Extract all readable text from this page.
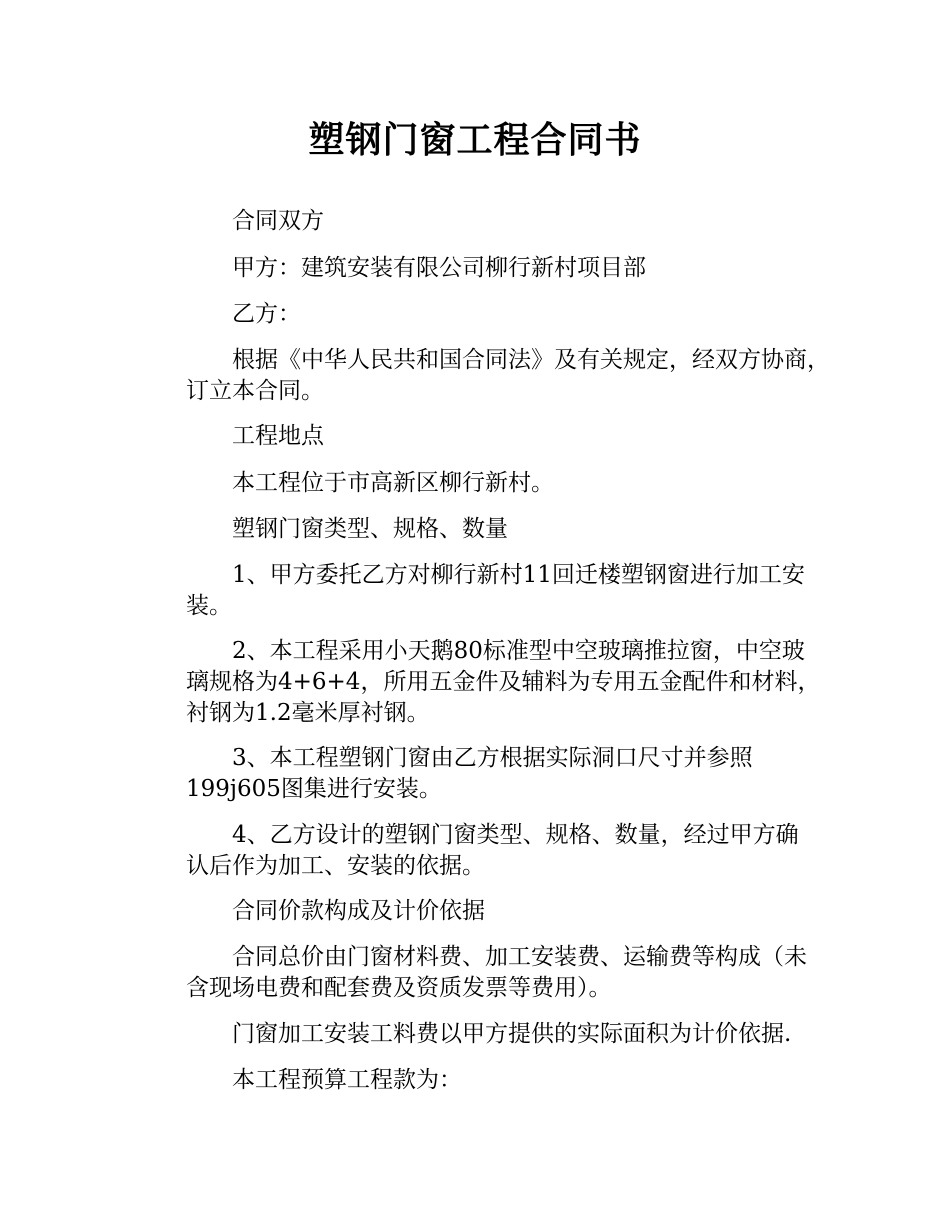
塑钢门窗工程合同书
合同双方
甲方：建筑安装有限公司柳行新村项目部
乙方：
根据《中华人民共和国合同法》及有关规定，经双方协商，
订立本合同。
工程地点
本工程位于市高新区柳行新村。
塑钢门窗类型、规格、数量
1、甲方委托乙方对柳行新村11回迁楼塑钢窗进行加工安
装。
2、本工程采用小天鹅80标准型中空玻璃推拉窗，中空玻
璃规格为4+6+4，所用五金件及辅料为专用五金配件和材料，
衬钢为1.2毫米厚衬钢。
3、本工程塑钢门窗由乙方根据实际洞口尺寸并参照
199j605图集进行安装。
4、乙方设计的塑钢门窗类型、规格、数量，经过甲方确
认后作为加工、安装的依据。
合同价款构成及计价依据
合同总价由门窗材料费、加工安装费、运输费等构成（未
含现场电费和配套费及资质发票等费用）。
门窗加工安装工料费以甲方提供的实际面积为计价依据.
本工程预算工程款为：
